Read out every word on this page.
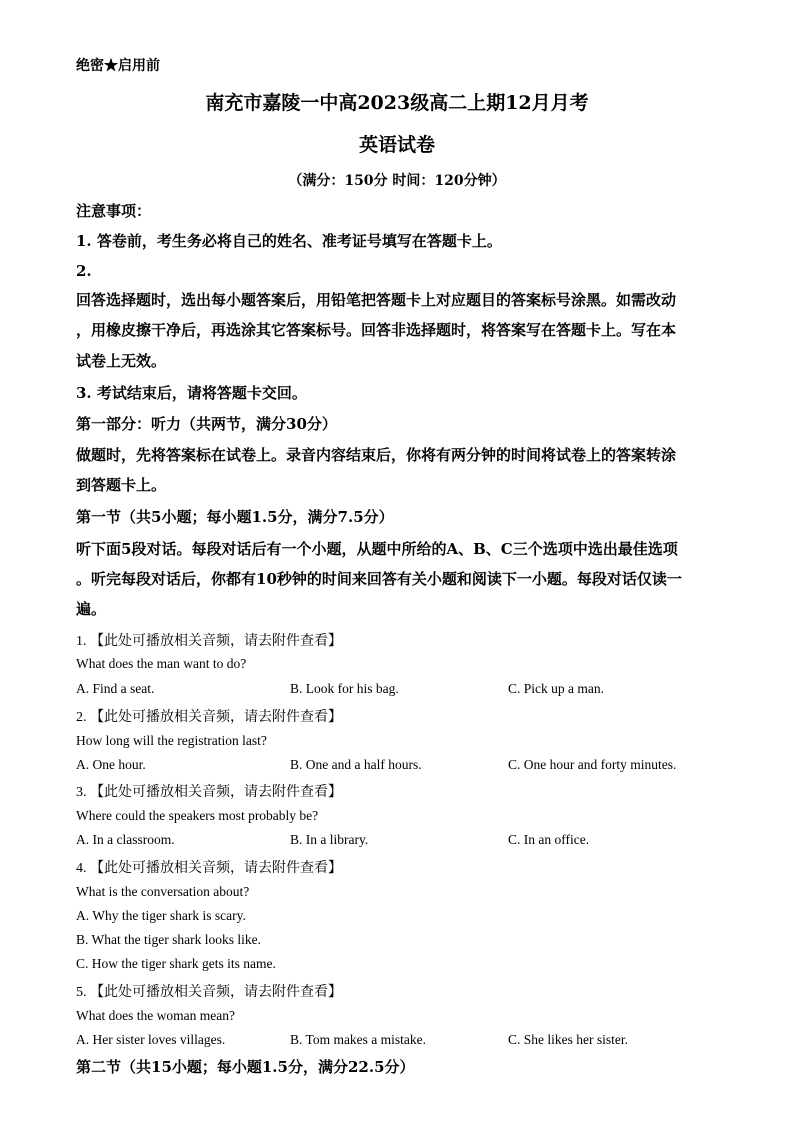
绝密★启用前
南充市嘉陵一中高2023级高二上期12月月考
英语试卷
（满分：150分 时间：120分钟）
注意事项：
1. 答卷前，考生务必将自己的姓名、准考证号填写在答题卡上。
2.
回答选择题时，选出每小题答案后，用铅笔把答题卡上对应题目的答案标号涂黑。如需改动
，用橡皮擦干净后，再选涂其它答案标号。回答非选择题时，将答案写在答题卡上。写在本
试卷上无效。
3. 考试结束后，请将答题卡交回。
第一部分：听力（共两节，满分30分）
做题时，先将答案标在试卷上。录音内容结束后，你将有两分钟的时间将试卷上的答案转涂
到答题卡上。
第一节（共5小题；每小题1.5分，满分7.5分）
听下面5段对话。每段对话后有一个小题，从题中所给的A、B、C三个选项中选出最佳选项
。听完每段对话后，你都有10秒钟的时间来回答有关小题和阅读下一小题。每段对话仅读一
遍。
1. 【此处可播放相关音频，请去附件查看】
What does the man want to do?
A. Find a seat.	B. Look for his bag.	C. Pick up a man.
2. 【此处可播放相关音频，请去附件查看】
How long will the registration last?
A. One hour.	B. One and a half hours.	C. One hour and forty minutes.
3. 【此处可播放相关音频，请去附件查看】
Where could the speakers most probably be?
A. In a classroom.	B. In a library.	C. In an office.
4. 【此处可播放相关音频，请去附件查看】
What is the conversation about?
A. Why the tiger shark is scary.
B. What the tiger shark looks like.
C. How the tiger shark gets its name.
5. 【此处可播放相关音频，请去附件查看】
What does the woman mean?
A. Her sister loves villages.	B. Tom makes a mistake.	C. She likes her sister.
第二节（共15小题；每小题1.5分，满分22.5分）
